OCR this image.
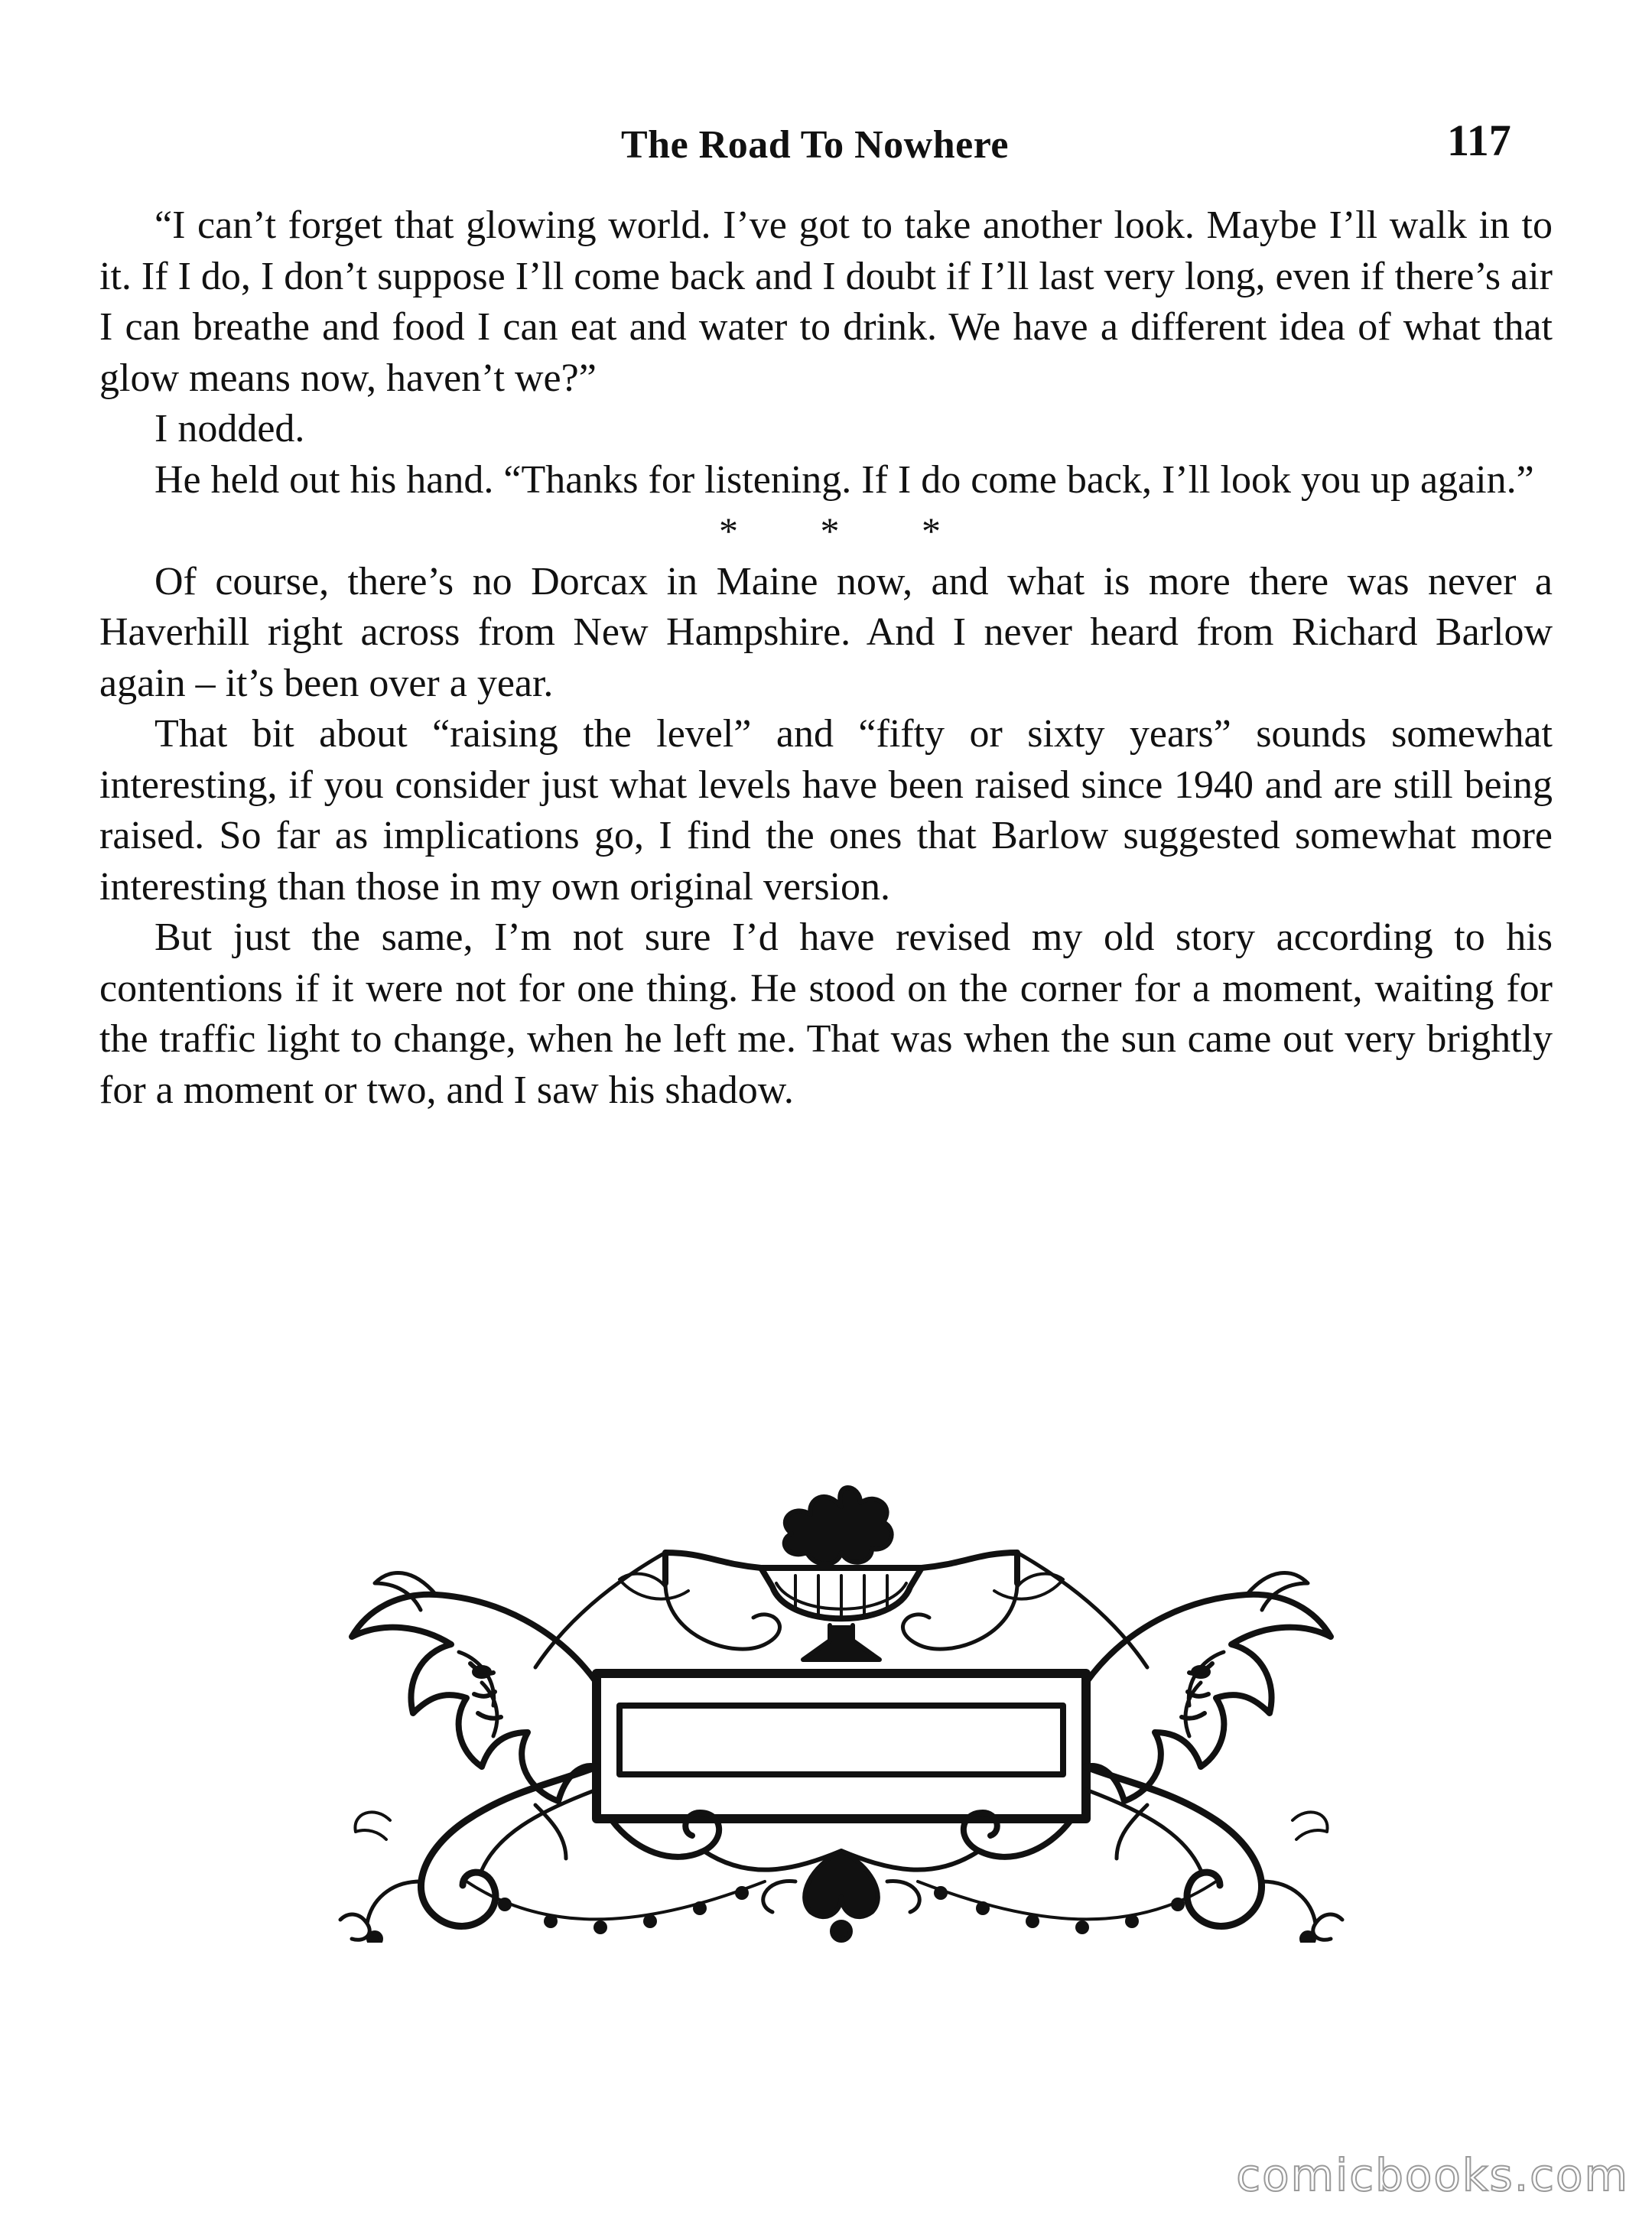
The Road To Nowhere	117

“I can’t forget that glowing world. I’ve got to take another look. Maybe I’ll walk in to it. If I do, I don’t suppose I’ll come back and I doubt if I’ll last very long, even if there’s air I can breathe and food I can eat and water to drink. We have a different idea of what that glow means now, haven’t we?”

I nodded.

He held out his hand. “Thanks for listening. If I do come back, I’ll look you up again.”

* * *

Of course, there’s no Dorcax in Maine now, and what is more there was never a Haverhill right across from New Hampshire. And I never heard from Richard Barlow again – it’s been over a year.

That bit about “raising the level” and “fifty or sixty years” sounds somewhat interesting, if you consider just what levels have been raised since 1940 and are still being raised. So far as implications go, I find the ones that Barlow suggested somewhat more interesting than those in my own original version.

But just the same, I’m not sure I’d have revised my old story according to his contentions if it were not for one thing. He stood on the corner for a moment, waiting for the traffic light to change, when he left me. That was when the sun came out very brightly for a moment or two, and I saw his shadow.

comicbooks.com
